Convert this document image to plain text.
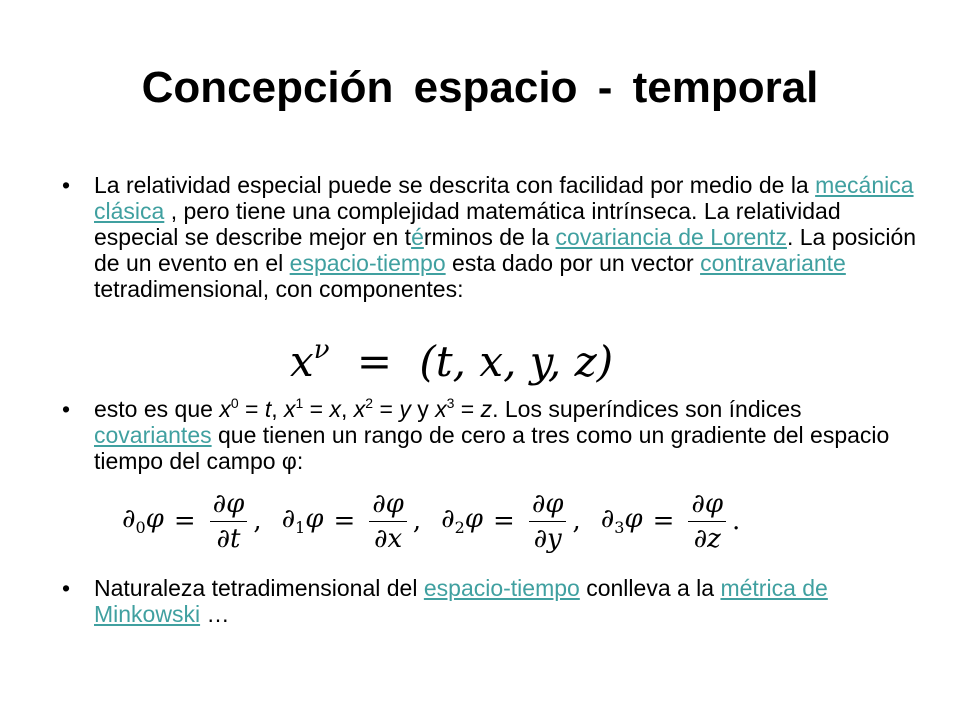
Concepción espacio - temporal
•	La relatividad especial puede se descrita con facilidad por medio de la mecánica clásica , pero tiene una complejidad matemática intrínseca. La relatividad especial se describe mejor en términos de la covariancia de Lorentz. La posición de un evento en el espacio-tiempo esta dado por un vector contravariante tetradimensional, con componentes:
$x^\nu = (t$, x, y, z)
•	esto es que $x^0 = t$, $x^1 = x$, $x^2 = y$ y $x^3 = z$. Los superíndices son índices covariantes que tienen un rango de cero a tres como un gradiente del espacio tiempo del campo φ:
$\partial_0\varphi = \frac{\partial\varphi}{\partial t}$ , $\partial_1\varphi = \frac{\partial\varphi}{\partial x}$ , $\partial_2\varphi = \frac{\partial\varphi}{\partial y}$ , $\partial_3\varphi = \frac{\partial\varphi}{\partial z}$ .
•	Naturaleza tetradimensional del espacio-tiempo conlleva a la métrica de Minkowski …
